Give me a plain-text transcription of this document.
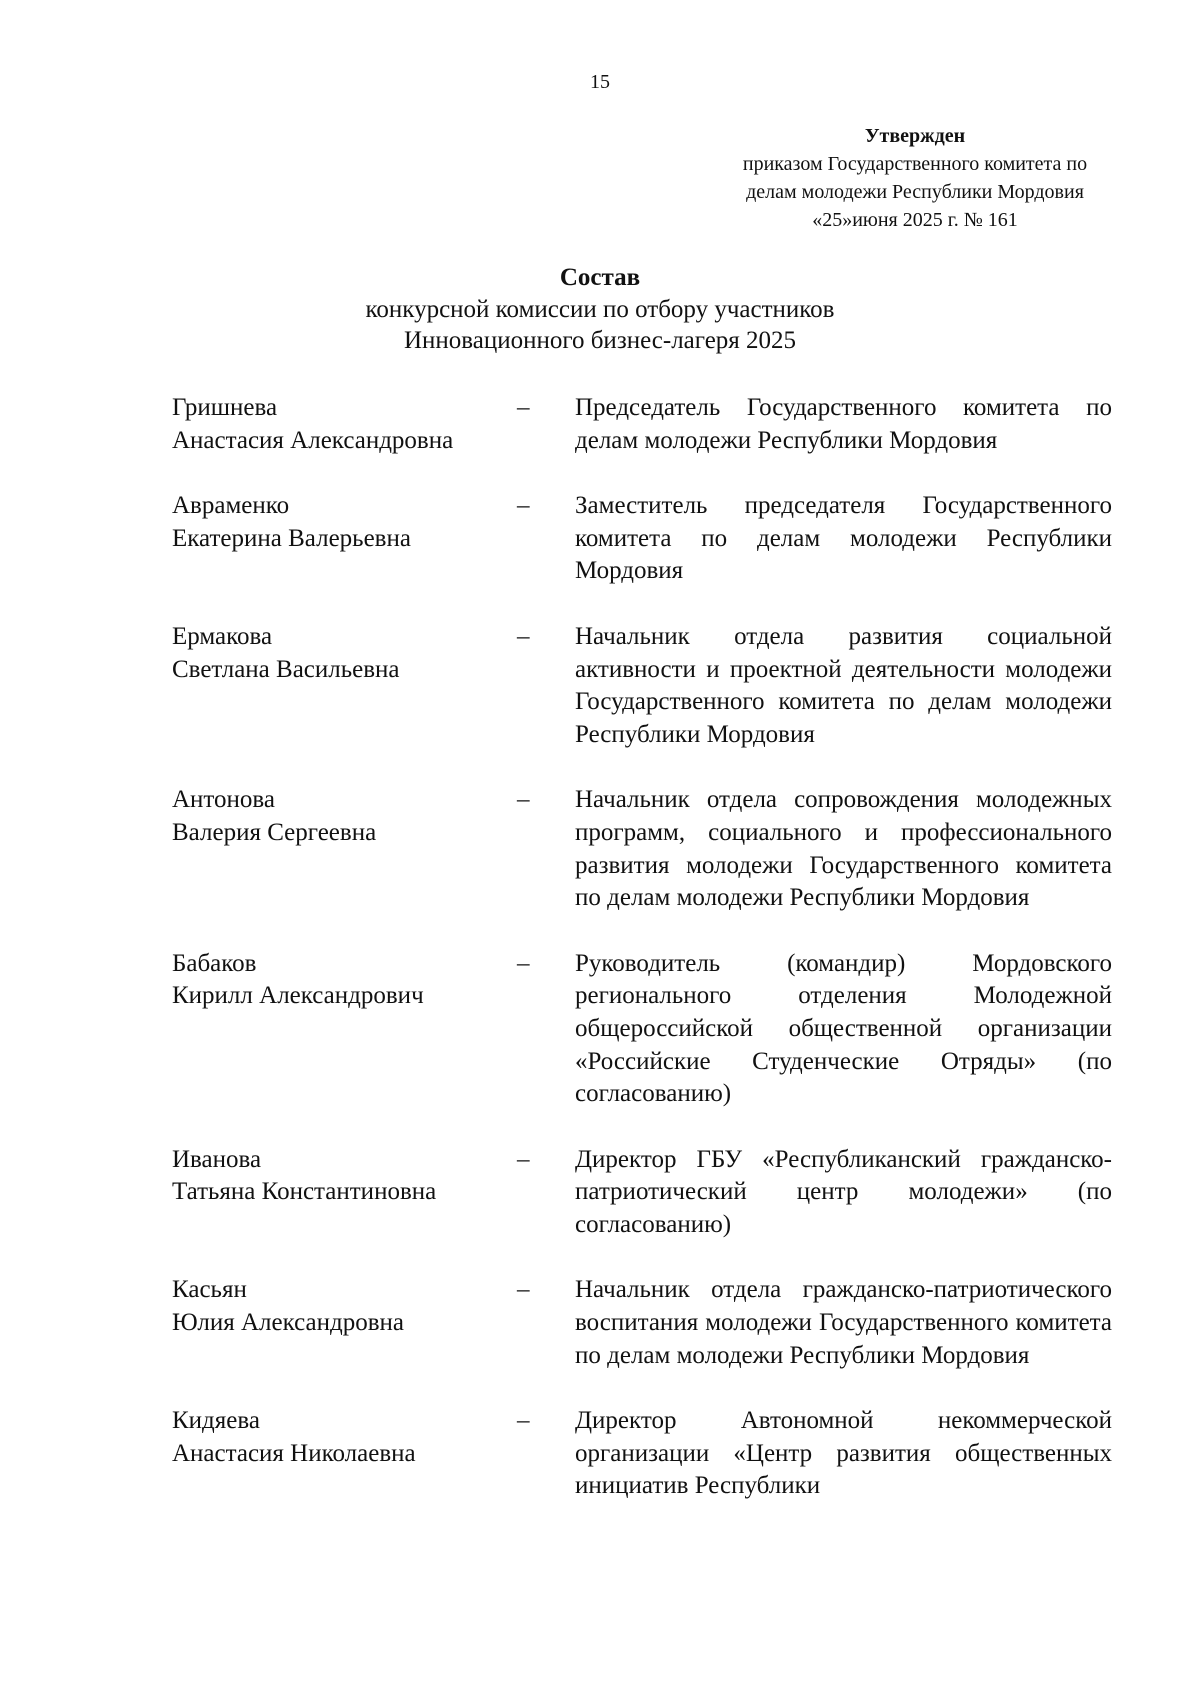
15
Утвержден
приказом Государственного комитета по
делам молодежи Республики Мордовия
«25»июня 2025 г. № 161
Состав
конкурсной комиссии по отбору участников
Инновационного бизнес-лагеря 2025
Гришнева
Анастасия Александровна
–	Председатель Государственного комитета по делам молодежи Республики Мордовия
Авраменко
Екатерина Валерьевна
–	Заместитель председателя Государственного комитета по делам молодежи Республики Мордовия
Ермакова
Светлана Васильевна
–	Начальник отдела развития социальной активности и проектной деятельности молодежи Государственного комитета по делам молодежи Республики Мордовия
Антонова
Валерия Сергеевна
–	Начальник отдела сопровождения молодежных программ, социального и профессионального развития молодежи Государственного комитета по делам молодежи Республики Мордовия
Бабаков
Кирилл Александрович
–	Руководитель (командир) Мордовского регионального отделения Молодежной общероссийской общественной организации «Российские Студенческие Отряды» (по согласованию)
Иванова
Татьяна Константиновна
–	Директор ГБУ «Республиканский гражданско-патриотический центр молодежи» (по согласованию)
Касьян
Юлия Александровна
–	Начальник отдела гражданско-патриотического воспитания молодежи Государственного комитета по делам молодежи Республики Мордовия
Кидяева
Анастасия Николаевна
–	Директор Автономной некоммерческой организации «Центр развития общественных инициатив Республики
